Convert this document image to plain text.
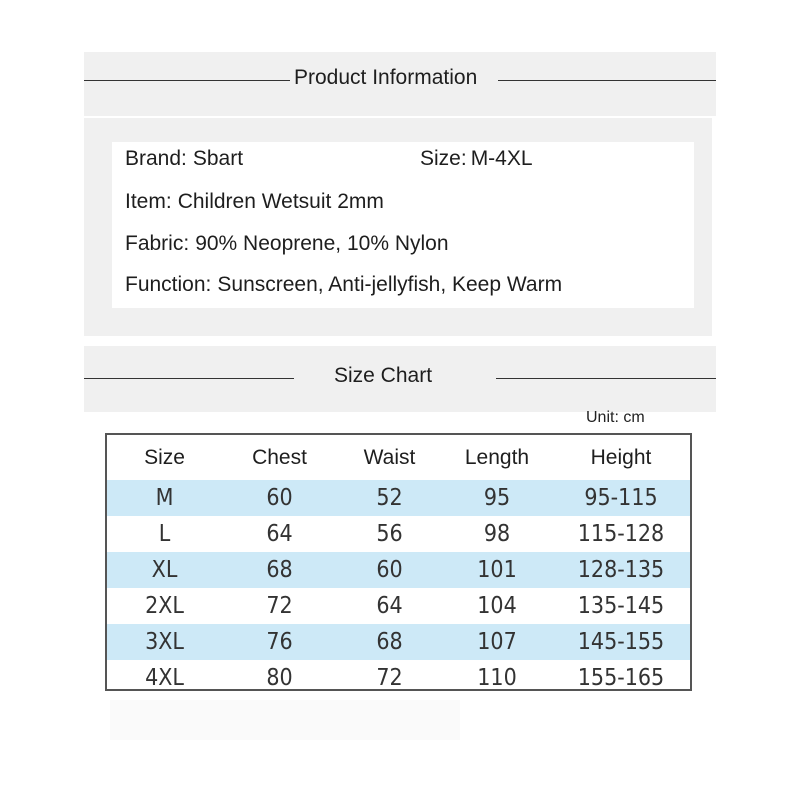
Product Information
Brand: Sbart	Size: M-4XL
Item: Children Wetsuit 2mm
Fabric: 90% Neoprene, 10% Nylon
Function: Sunscreen, Anti-jellyfish, Keep Warm
Size Chart
Unit: cm
Size	Chest	Waist	Length	Height
M	60	52	95	95-115
L	64	56	98	115-128
XL	68	60	101	128-135
2XL	72	64	104	135-145
3XL	76	68	107	145-155
4XL	80	72	110	155-165
